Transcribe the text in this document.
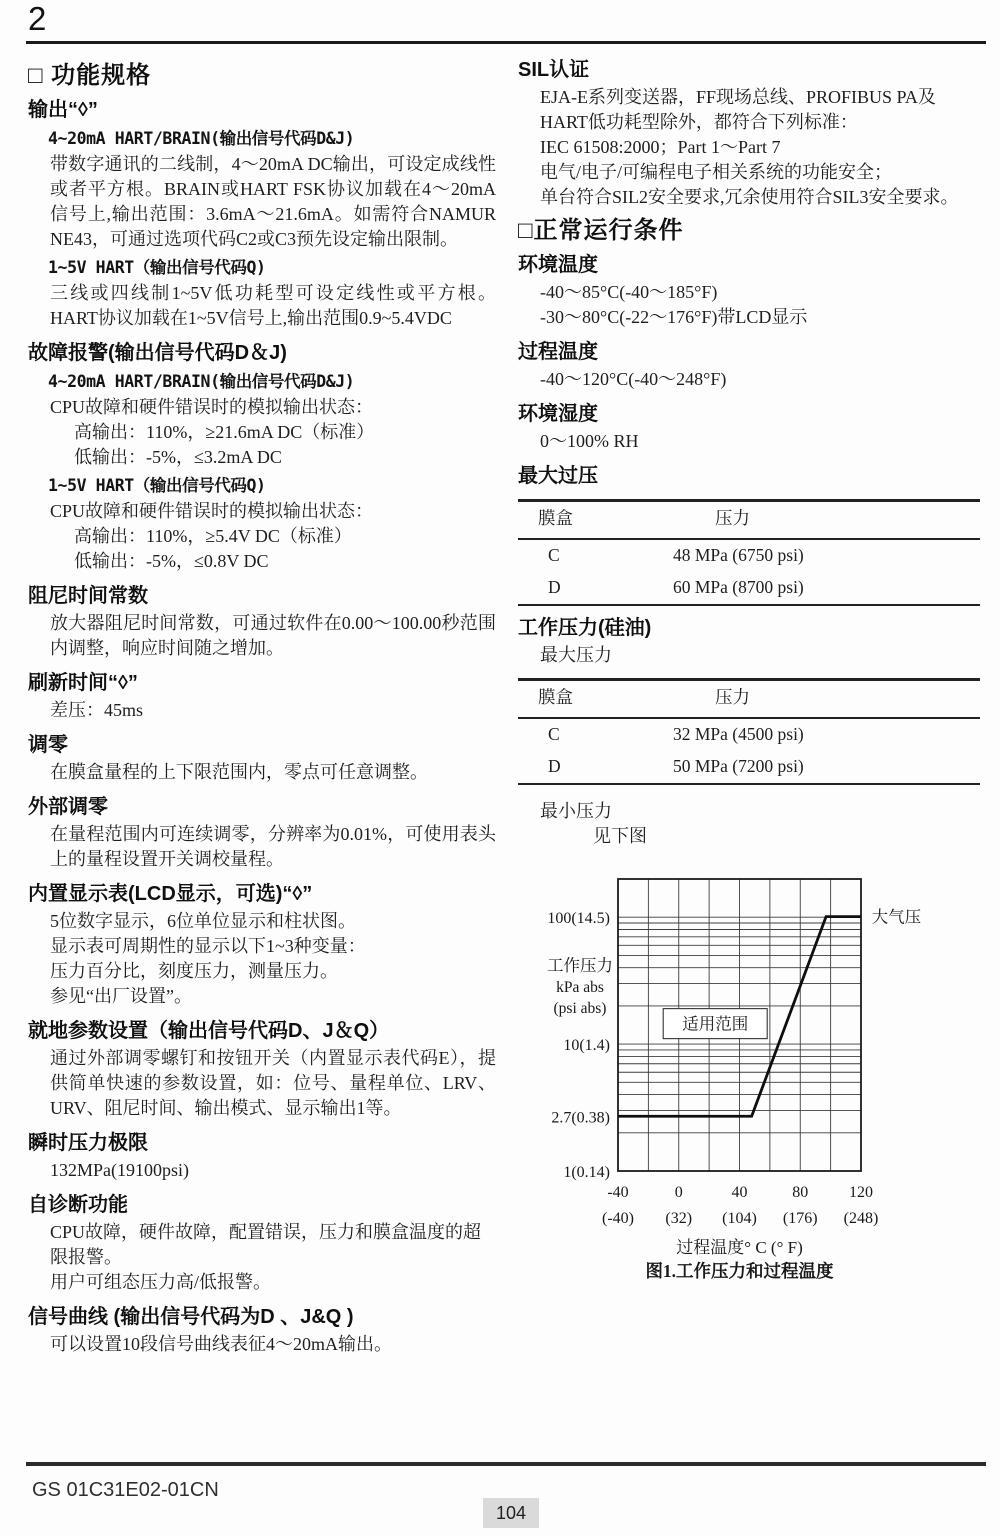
2
□ 功能规格
输出“◊”
4~20mA HART/BRAIN(输出信号代码D&J)

带数字通讯的二线制，4～20mA DC输出，可设定成线性或者平方根。BRAIN或HART FSK协议加载在4～20mA信号上,输出范围：3.6mA～21.6mA。如需符合NAMUR NE43，可通过选项代码C2或C3预先设定输出限制。

1~5V HART（输出信号代码Q)

三线或四线制1~5V低功耗型可设定线性或平方根。HART协议加载在1~5V信号上,输出范围0.9~5.4VDC

故障报警(输出信号代码D＆J)
4~20mA HART/BRAIN(输出信号代码D&J)
CPU故障和硬件错误时的模拟输出状态：
高输出：110%，≥21.6mA DC（标准）
低输出：-5%，≤3.2mA DC
1~5V HART（输出信号代码Q)
CPU故障和硬件错误时的模拟输出状态：
高输出：110%，≥5.4V DC（标准）
低输出：-5%，≤0.8V DC
阻尼时间常数

放大器阻尼时间常数，可通过软件在0.00～100.00秒范围内调整，响应时间随之增加。

刷新时间“◊”

差压：45ms

调零

在膜盒量程的上下限范围内，零点可任意调整。

外部调零

在量程范围内可连续调零，分辨率为0.01%，可使用表头上的量程设置开关调校量程。

内置显示表(LCD显示，可选)“◊”
5位数字显示，6位单位显示和柱状图。
显示表可周期性的显示以下1~3种变量：
压力百分比，刻度压力，测量压力。
参见“出厂设置”。
就地参数设置（输出信号代码D、J＆Q）

通过外部调零螺钉和按钮开关（内置显示表代码E），提供简单快速的参数设置，如：位号、量程单位、LRV、URV、阻尼时间、输出模式、显示输出1等。

瞬时压力极限

132MPa(19100psi)

自诊断功能
CPU故障，硬件故障，配置错误，压力和膜盒温度的超限报警。
用户可组态压力高/低报警。
信号曲线 (输出信号代码为D 、J&Q )

可以设置10段信号曲线表征4～20mA输出。

SIL认证
EJA-E系列变送器，FF现场总线、PROFIBUS PA及
HART低功耗型除外，都符合下列标准：
IEC 61508:2000；Part 1～Part 7
电气/电子/可编程电子相关系统的功能安全；
单台符合SIL2安全要求,冗余使用符合SIL3安全要求。
□正常运行条件
环境温度
-40～85°C(-40～185°F)
-30～80°C(-22～176°F)带LCD显示
过程温度
-40～120°C(-40～248°F)
环境湿度
0～100% RH
最大过压
膜盒	压力
C	48 MPa (6750 psi)
D	60 MPa (8700 psi)
工作压力(硅油)
最大压力
膜盒	压力
C	32 MPa (4500 psi)
D	50 MPa (7200 psi)
最小压力
见下图
100(14.5)
10(1.4)
2.7(0.38)
1(0.14)
-40
(-40)
0
(32)
40
(104)
80
(176)
120
(248)
大气压
适用范围
工作压力
kPa abs
(psi abs)
过程温度° C (° F)
图1.工作压力和过程温度
GS 01C31E02-01CN
104
